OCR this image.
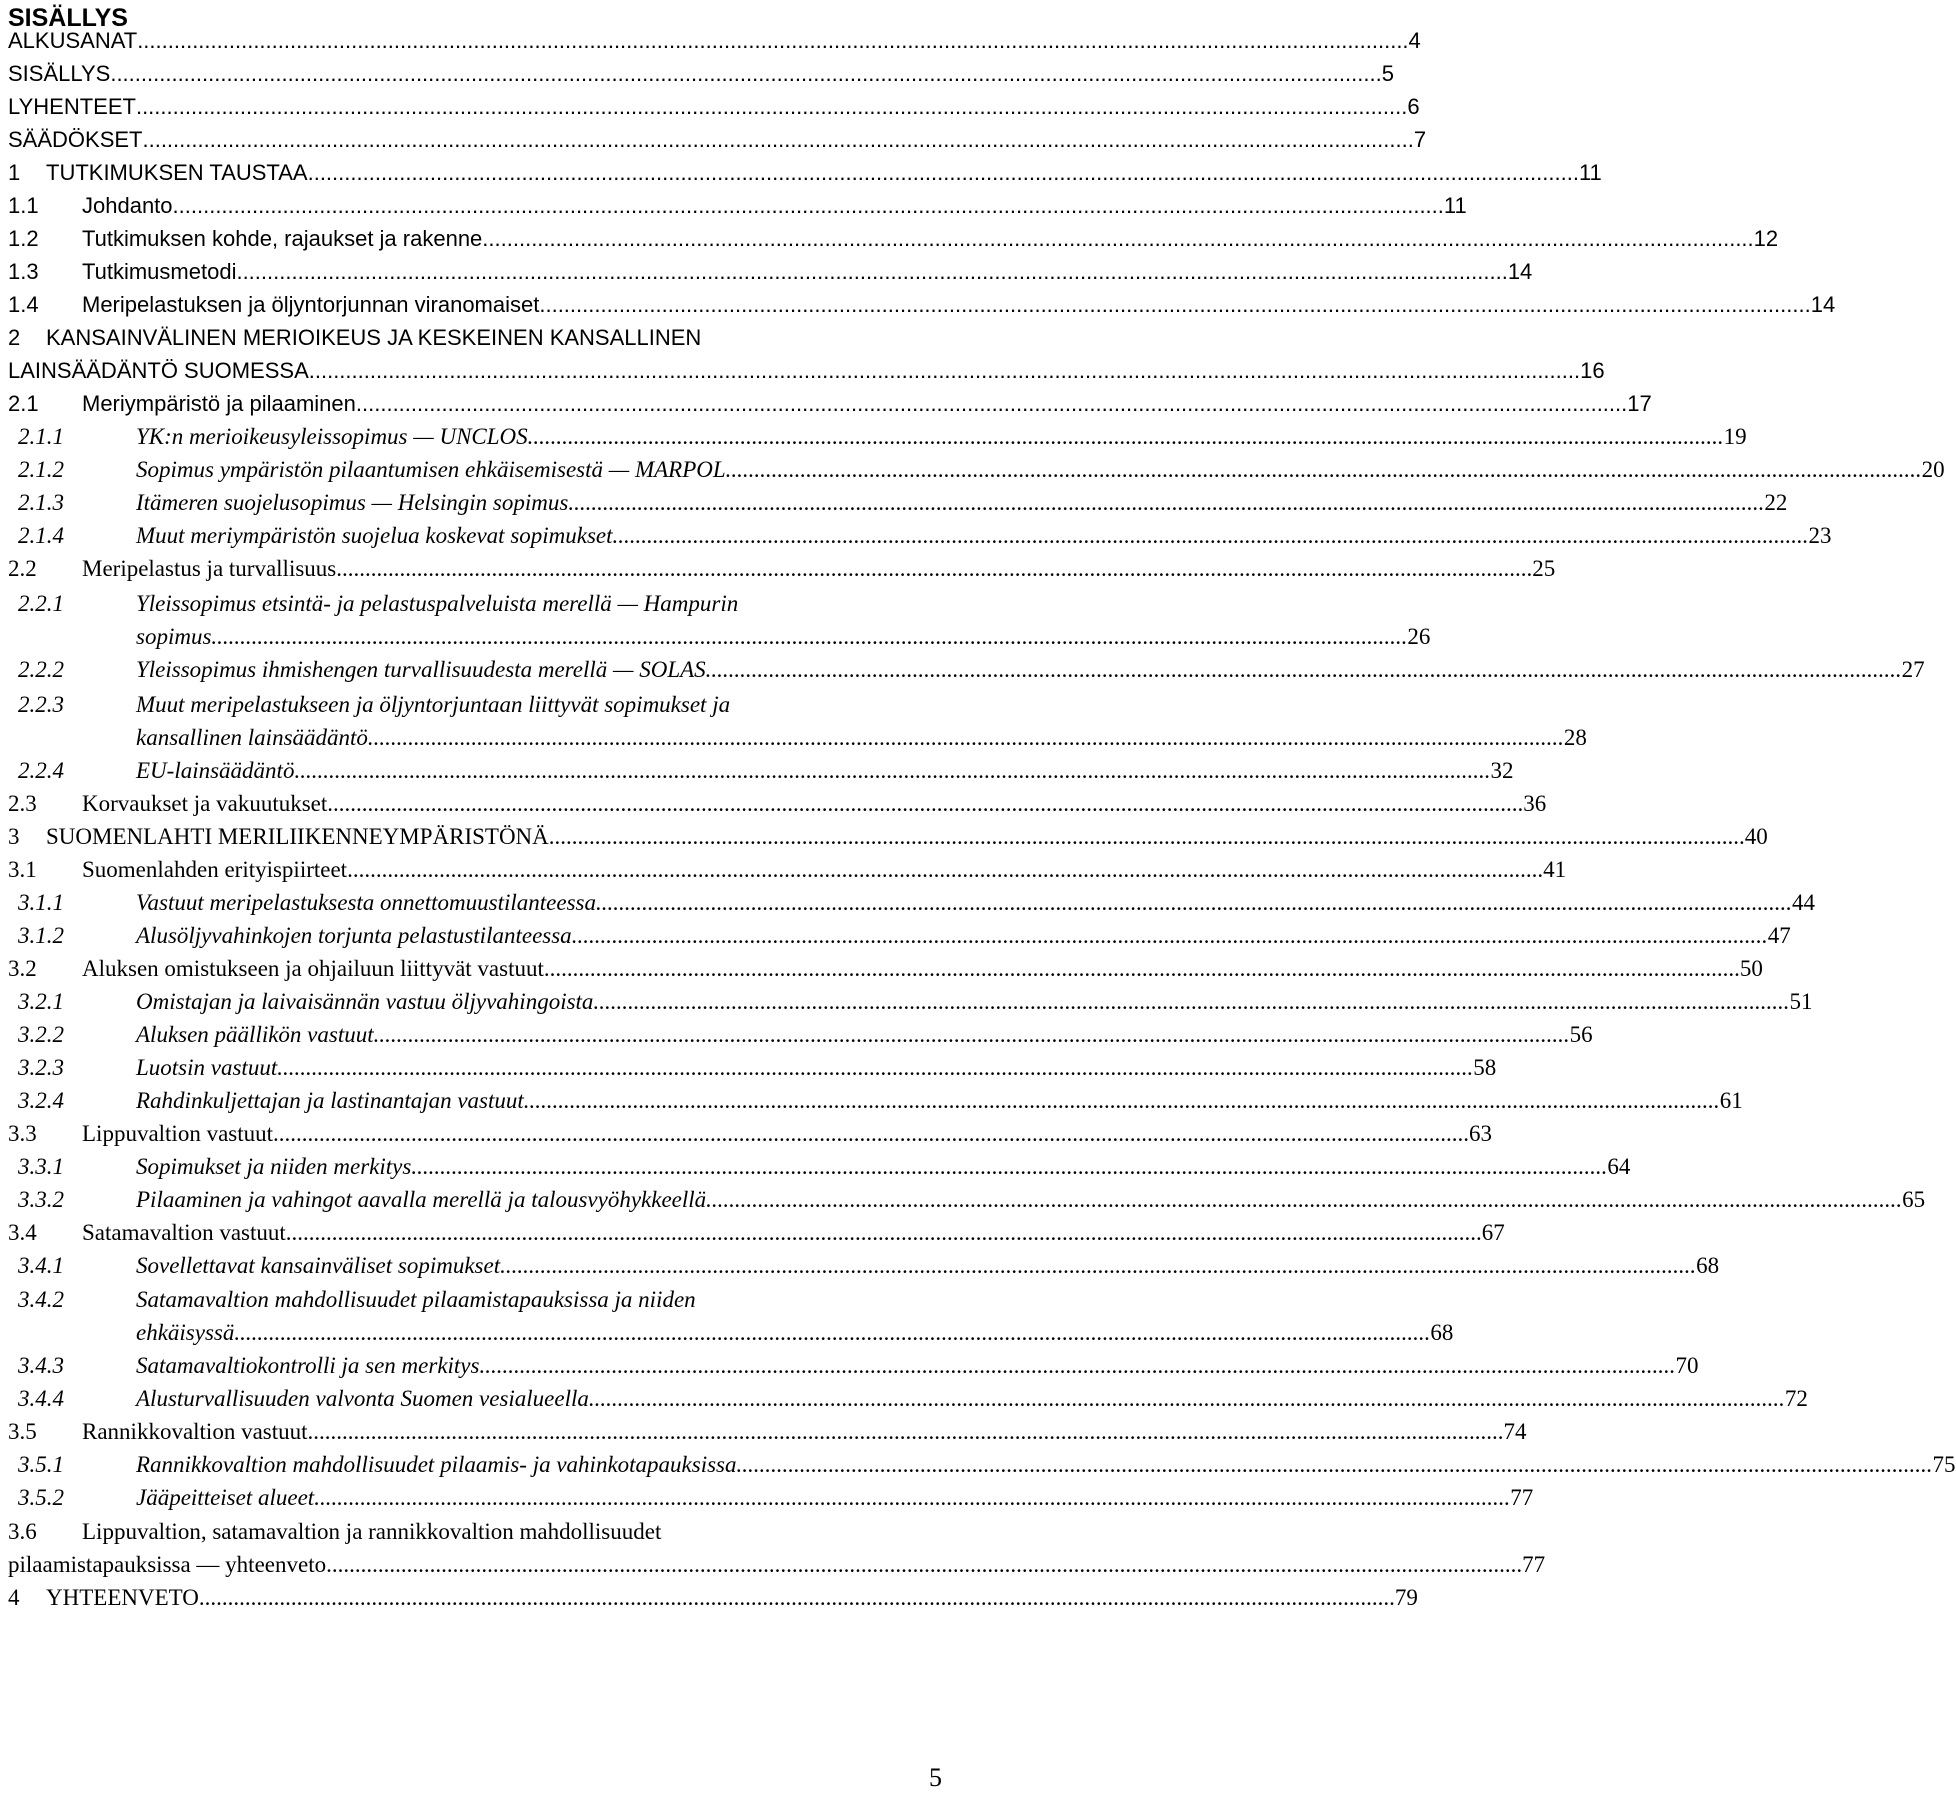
SISÄLLYS
ALKUSANAT .....	4
SISÄLLYS .....	5
LYHENTEET .....	6
SÄÄDÖKSET .....	7
1	TUTKIMUKSEN TAUSTAA .....	11
1.1	Johdanto .....	11
1.2	Tutkimuksen kohde, rajaukset ja rakenne .....	12
1.3	Tutkimusmetodi .....	14
1.4	Meripelastuksen ja öljyntorjunnan viranomaiset .....	14
2 KANSAINVÄLINEN MERIOIKEUS JA KESKEINEN KANSALLINEN
LAINSÄÄDÄNTÖ SUOMESSA .....	16
2.1	Meriympäristö ja pilaaminen .....	17
2.1.1	YK:n merioikeusyleissopimus — UNCLOS .....	19
2.1.2	Sopimus ympäristön pilaantumisen ehkäisemisestä — MARPOL .....	20
2.1.3	Itämeren suojelusopimus — Helsingin sopimus .....	22
2.1.4	Muut meriympäristön suojelua koskevat sopimukset .....	23
2.2	Meripelastus ja turvallisuus .....	25
2.2.1	Yleissopimus etsintä- ja pelastuspalveluista merellä — Hampurin
sopimus .....	26
2.2.2	Yleissopimus ihmishengen turvallisuudesta merellä — SOLAS .....	27
2.2.3	Muut meripelastukseen ja öljyntorjuntaan liittyvät sopimukset ja
kansallinen lainsäädäntö .....	28
2.2.4	EU-lainsäädäntö .....	32
2.3	Korvaukset ja vakuutukset .....	36
3	SUOMENLAHTI MERILIIKENNEYMPÄRISTÖNÄ .....	40
3.1	Suomenlahden erityispiirteet .....	41
3.1.1	Vastuut meripelastuksesta onnettomuustilanteessa .....	44
3.1.2	Alusöljyvahinkojen torjunta pelastustilanteessa .....	47
3.2	Aluksen omistukseen ja ohjailuun liittyvät vastuut .....	50
3.2.1	Omistajan ja laivaisännän vastuu öljyvahingoista .....	51
3.2.2	Aluksen päällikön vastuut .....	56
3.2.3	Luotsin vastuut .....	58
3.2.4	Rahdinkuljettajan ja lastinantajan vastuut .....	61
3.3	Lippuvaltion vastuut .....	63
3.3.1	Sopimukset ja niiden merkitys .....	64
3.3.2	Pilaaminen ja vahingot aavalla merellä ja talousvyöhykkeellä .....	65
3.4	Satamavaltion vastuut .....	67
3.4.1	Sovellettavat kansainväliset sopimukset .....	68
3.4.2	Satamavaltion mahdollisuudet pilaamistapauksissa ja niiden
ehkäisyssä .....	68
3.4.3	Satamavaltiokontrolli ja sen merkitys .....	70
3.4.4	Alusturvallisuuden valvonta Suomen vesialueella .....	72
3.5	Rannikkovaltion vastuut .....	74
3.5.1	Rannikkovaltion mahdollisuudet pilaamis- ja vahinkotapauksissa .....	75
3.5.2	Jääpeitteiset alueet .....	77
3.6 Lippuvaltion, satamavaltion ja rannikkovaltion mahdollisuudet
pilaamistapauksissa — yhteenveto .....	77
4	YHTEENVETO .....	79
5
